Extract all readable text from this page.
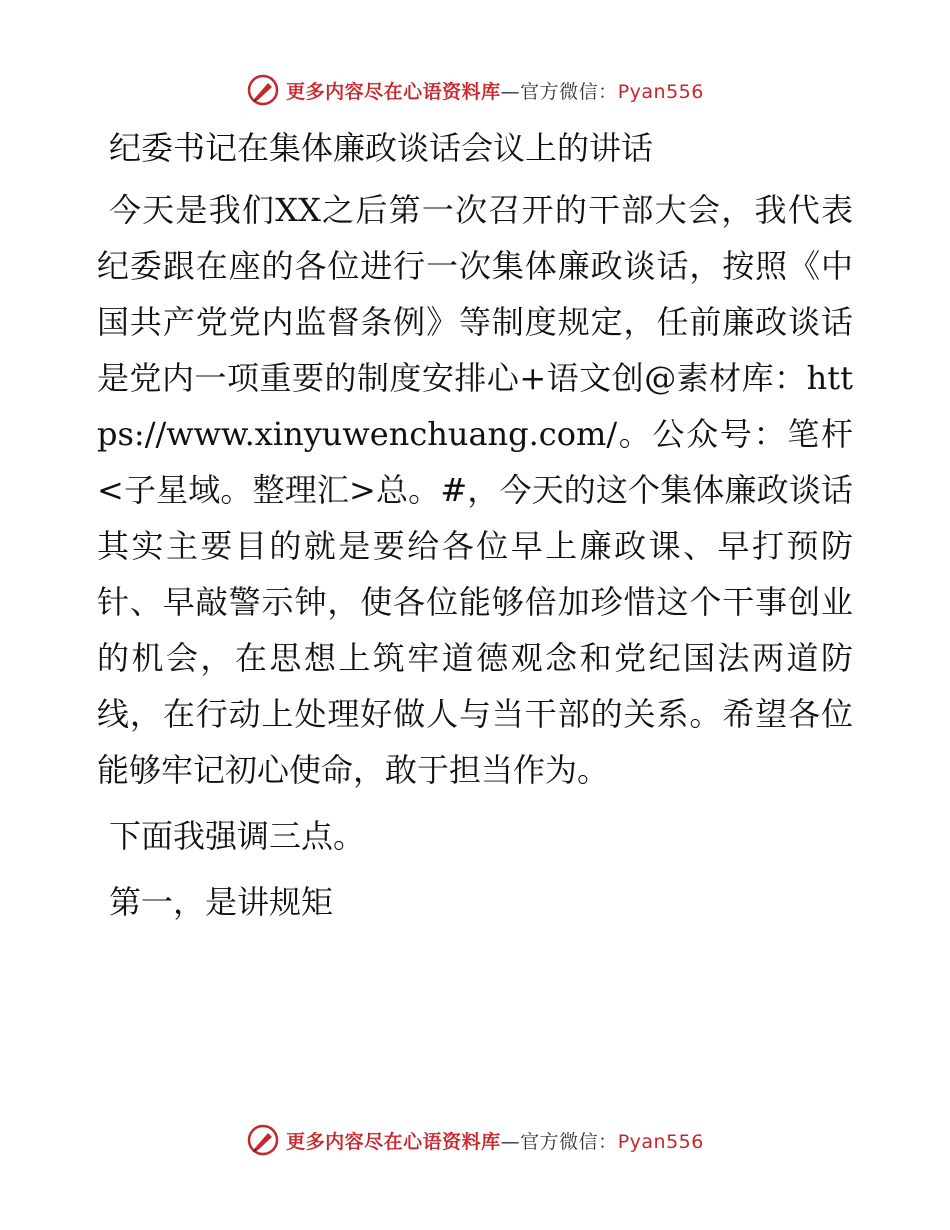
更多内容尽在心语资料库—官方微信：Pyan556
纪委书记在集体廉政谈话会议上的讲话

今天是我们XX之后第一次召开的干部大会，我代表纪委跟在座的各位进行一次集体廉政谈话，按照《中国共产党党内监督条例》等制度规定，任前廉政谈话是党内一项重要的制度安排心+语文创@素材库：https://www.xinyuwenchuang.com/。公众号：笔杆<子星域。整理汇>总。#，今天的这个集体廉政谈话其实主要目的就是要给各位早上廉政课、早打预防针、早敲警示钟，使各位能够倍加珍惜这个干事创业的机会，在思想上筑牢道德观念和党纪国法两道防线，在行动上处理好做人与当干部的关系。希望各位能够牢记初心使命，敢于担当作为。

下面我强调三点。

第一，是讲规矩

更多内容尽在心语资料库—官方微信：Pyan556
